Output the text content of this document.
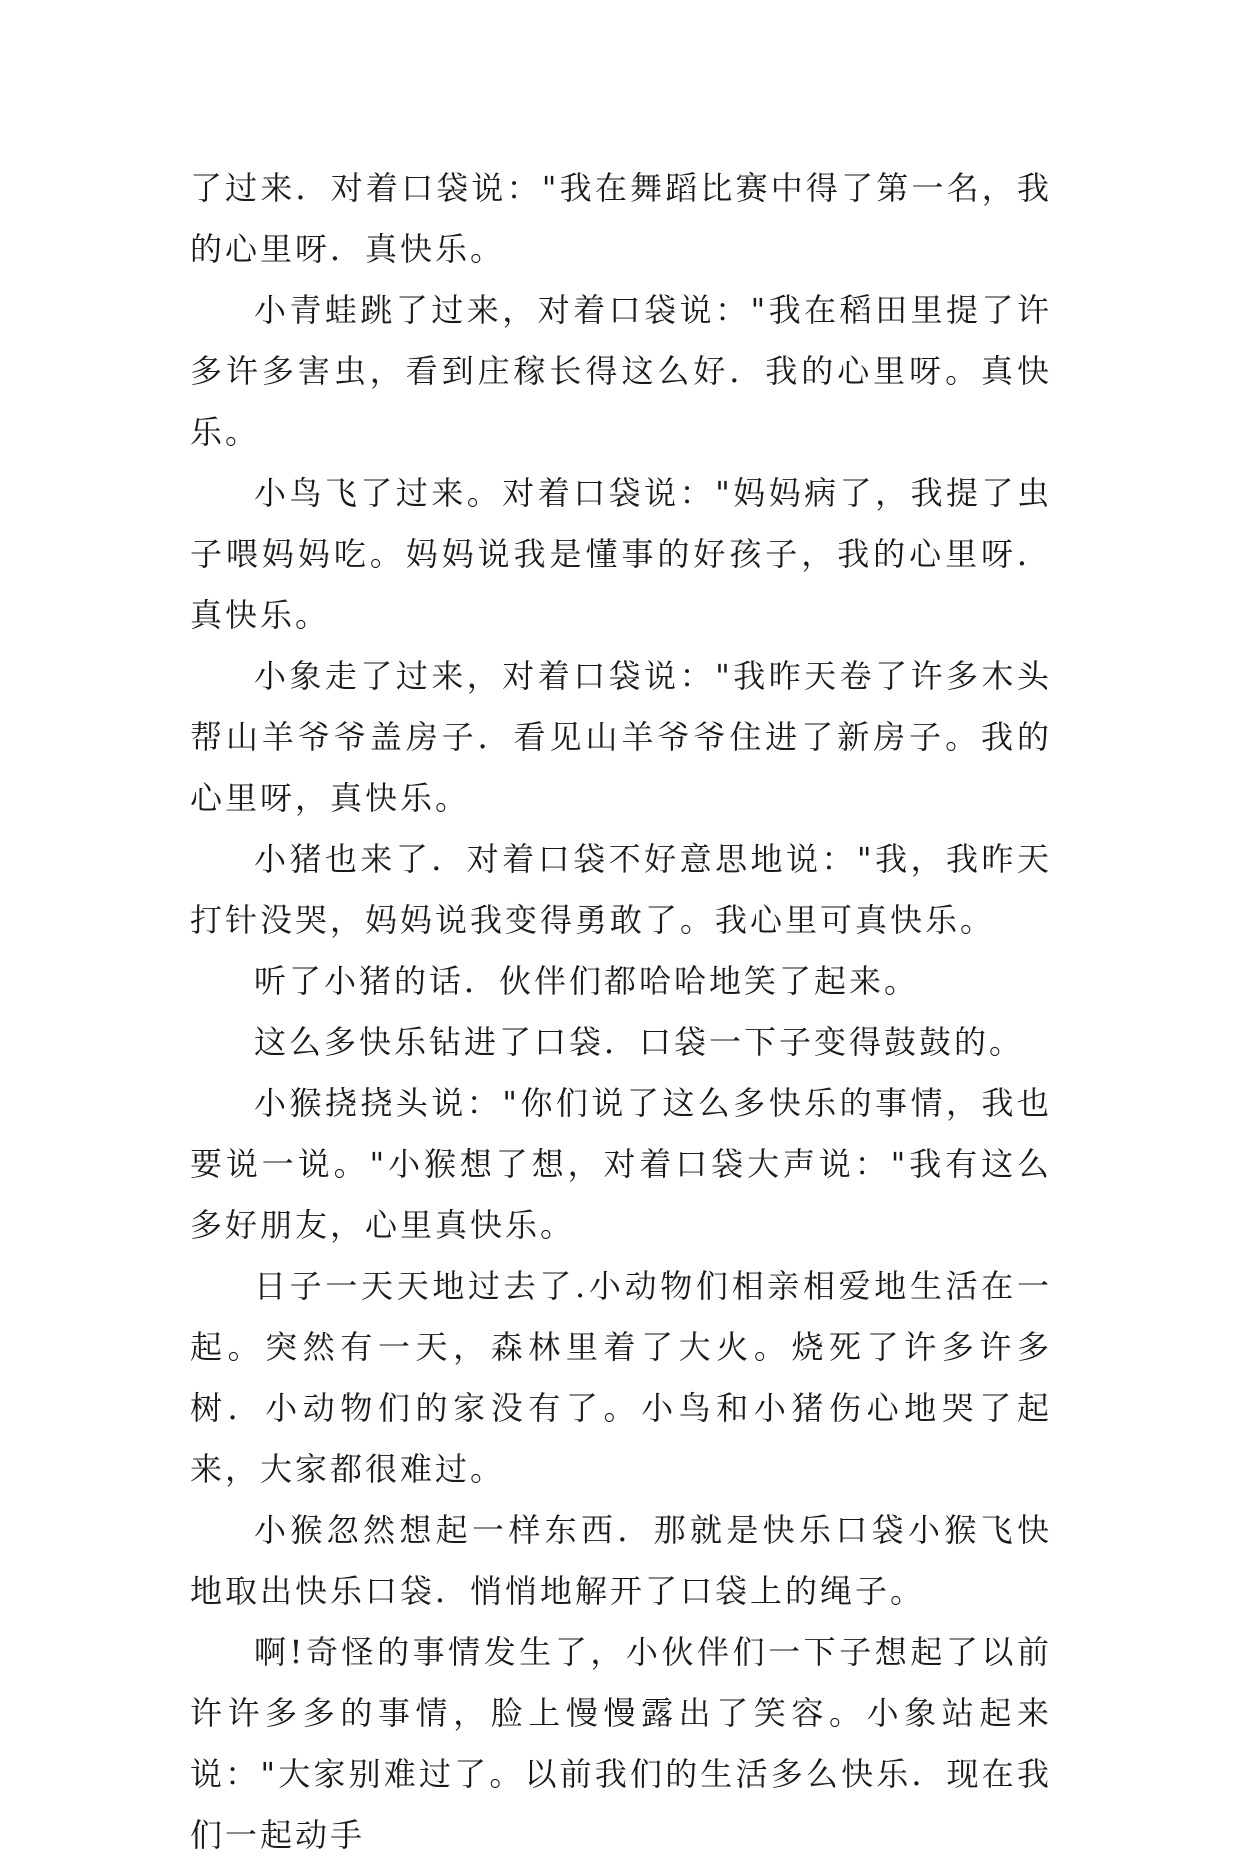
了过来．对着口袋说："我在舞蹈比赛中得了第一名，我的心里呀．真快乐。

小青蛙跳了过来，对着口袋说："我在稻田里提了许多许多害虫，看到庄稼长得这么好．我的心里呀。真快乐。

小鸟飞了过来。对着口袋说："妈妈病了，我提了虫子喂妈妈吃。妈妈说我是懂事的好孩子，我的心里呀．真快乐。

小象走了过来，对着口袋说："我昨天卷了许多木头帮山羊爷爷盖房子．看见山羊爷爷住进了新房子。我的心里呀，真快乐。

小猪也来了．对着口袋不好意思地说："我，我昨天打针没哭，妈妈说我变得勇敢了。我心里可真快乐。

听了小猪的话．伙伴们都哈哈地笑了起来。

这么多快乐钻进了口袋．口袋一下子变得鼓鼓的。

小猴挠挠头说："你们说了这么多快乐的事情，我也要说一说。"小猴想了想，对着口袋大声说："我有这么多好朋友，心里真快乐。

日子一天天地过去了.小动物们相亲相爱地生活在一起。突然有一天，森林里着了大火。烧死了许多许多树．小动物们的家没有了。小鸟和小猪伤心地哭了起来，大家都很难过。

小猴忽然想起一样东西．那就是快乐口袋小猴飞快地取出快乐口袋．悄悄地解开了口袋上的绳子。

啊!奇怪的事情发生了，小伙伴们一下子想起了以前许许多多的事情，脸上慢慢露出了笑容。小象站起来说："大家别难过了。以前我们的生活多么快乐．现在我们一起动手
